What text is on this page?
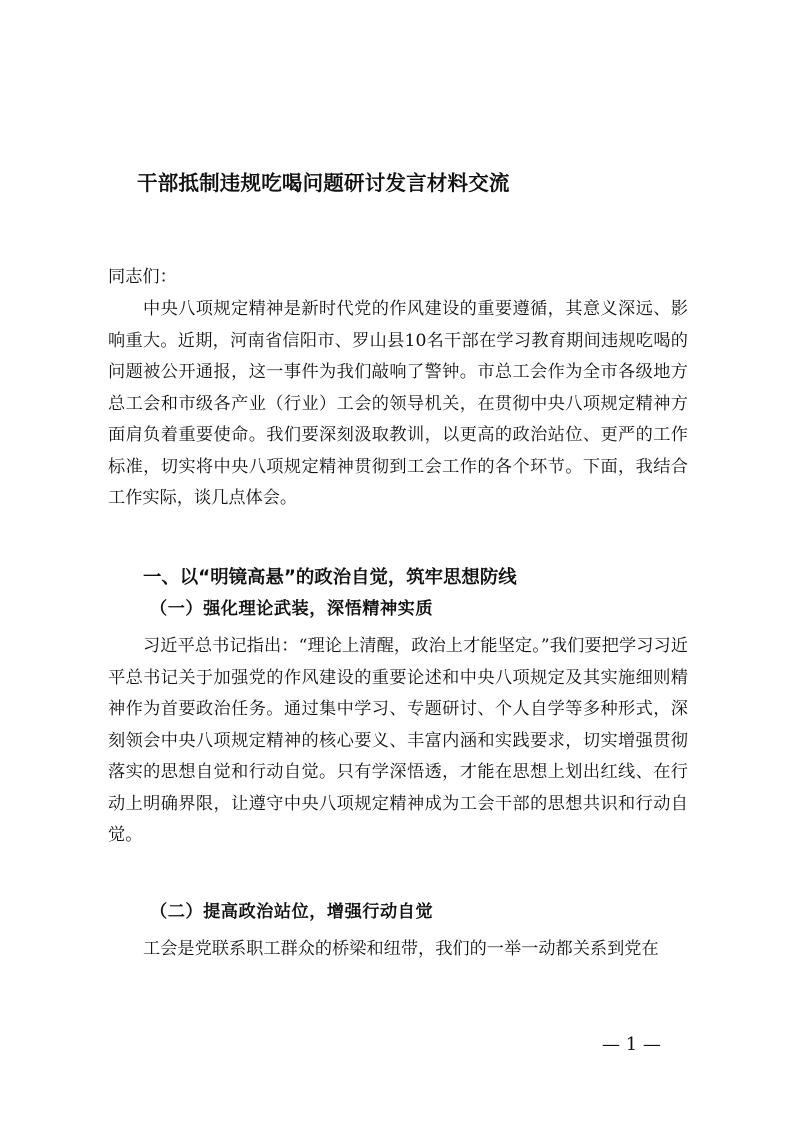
干部抵制违规吃喝问题研讨发言材料交流

同志们：

中央八项规定精神是新时代党的作风建设的重要遵循，其意义深远、影响重大。近期，河南省信阳市、罗山县10名干部在学习教育期间违规吃喝的问题被公开通报，这一事件为我们敲响了警钟。市总工会作为全市各级地方总工会和市级各产业（行业）工会的领导机关，在贯彻中央八项规定精神方面肩负着重要使命。我们要深刻汲取教训，以更高的政治站位、更严的工作标准，切实将中央八项规定精神贯彻到工会工作的各个环节。下面，我结合工作实际，谈几点体会。

一、以“明镜高悬”的政治自觉，筑牢思想防线
（一）强化理论武装，深悟精神实质

习近平总书记指出：“理论上清醒，政治上才能坚定。”我们要把学习习近平总书记关于加强党的作风建设的重要论述和中央八项规定及其实施细则精神作为首要政治任务。通过集中学习、专题研讨、个人自学等多种形式，深刻领会中央八项规定精神的核心要义、丰富内涵和实践要求，切实增强贯彻落实的思想自觉和行动自觉。只有学深悟透，才能在思想上划出红线、在行动上明确界限，让遵守中央八项规定精神成为工会干部的思想共识和行动自觉。

（二）提高政治站位，增强行动自觉

工会是党联系职工群众的桥梁和纽带，我们的一举一动都关系到党在

— 1 —
